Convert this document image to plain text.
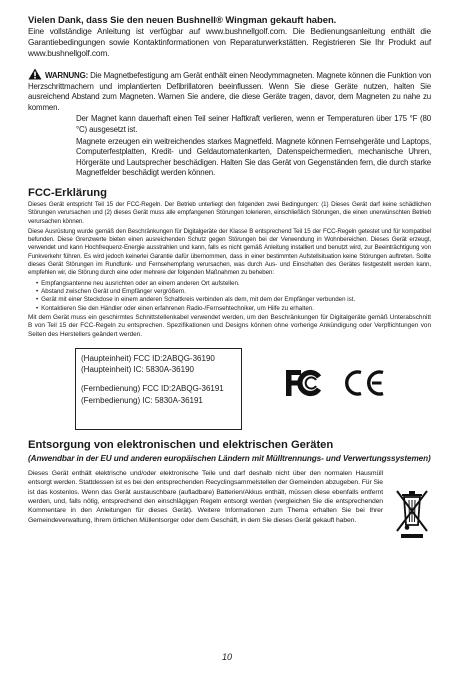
Vielen Dank, dass Sie den neuen Bushnell® Wingman gekauft haben.
Eine vollständige Anleitung ist verfügbar auf www.bushnellgolf.com. Die Bedienungsanleitung enthält die Garantiebedingungen sowie Kontaktinformationen von Reparaturwerkstätten. Registrieren Sie Ihr Produkt auf www.bushnellgolf.com.
WARNUNG: Die Magnetbefestigung am Gerät enthält einen Neodymmagneten. Magnete können die Funktion von Herzschrittmachern und implantierten Defibrillatoren beeinflussen. Wenn Sie diese Geräte nutzen, halten Sie ausreichend Abstand zum Magneten. Warnen Sie andere, die diese Geräte tragen, davor, dem Magneten zu nahe zu kommen.

Der Magnet kann dauerhaft einen Teil seiner Haftkraft verlieren, wenn er Temperaturen über 175 °F (80 °C) ausgesetzt ist.

Magnete erzeugen ein weitreichendes starkes Magnetfeld. Magnete können Fernsehgeräte und Laptops, Computerfestplatten, Kredit- und Geldautomatenkarten, Datenspeichermedien, mechanische Uhren, Hörgeräte und Lautsprecher beschädigen. Halten Sie das Gerät von Gegenständen fern, die durch starke Magnetfelder beschädigt werden können.

FCC-Erklärung

Dieses Gerät entspricht Teil 15 der FCC-Regeln. Der Betrieb unterliegt den folgenden zwei Bedingungen: (1) Dieses Gerät darf keine schädlichen Störungen verursachen und (2) dieses Gerät muss alle empfangenen Störungen tolerieren, einschließlich Störungen, die einen unerwünschten Betrieb verursachen können.

Diese Ausrüstung wurde gemäß den Beschränkungen für Digitalgeräte der Klasse B entsprechend Teil 15 der FCC-Regeln getestet und für kompatibel befunden. Diese Grenzwerte bieten einen ausreichenden Schutz gegen Störungen bei der Verwendung in Wohnbereichen. Dieses Gerät erzeugt, verwendet und kann Hochfrequenz-Energie ausstrahlen und kann, falls es nicht gemäß Anleitung installiert und benutzt wird, zur Beeinträchtigung von Funkverkehr führen. Es wird jedoch keinerlei Garantie dafür übernommen, dass in einer bestimmten Aufstellsituation keine Störungen auftreten. Sollte dieses Gerät Störungen im Rundfunk- und Fernsehempfang verursachen, was durch Aus- und Einschalten des Gerätes festgestellt werden kann, empfehlen wir, die Störung durch eine oder mehrere der folgenden Maßnahmen zu beheben:

• Empfangsantenne neu ausrichten oder an einem anderen Ort aufstellen.
• Abstand zwischen Gerät und Empfänger vergrößern.
• Gerät mit einer Steckdose in einem anderen Schaltkreis verbinden als dem, mit dem der Empfänger verbunden ist.
• Kontaktieren Sie den Händler oder einen erfahrenen Radio-/Fernsehtechniker, um Hilfe zu erhalten.
Mit dem Gerät muss ein geschirmtes Schnittstellenkabel verwendet werden, um den Beschränkungen für Digitalgeräte gemäß Unterabschnitt B von Teil 15 der FCC-Regeln zu entsprechen. Spezifikationen und Designs können ohne vorherige Ankündigung oder Verpflichtungen von Seiten des Herstellers geändert werden.
(Haupteinheit) FCC ID:2ABQG-36190
(Haupteinheit) IC: 5830A-36190
(Fernbedienung) FCC ID:2ABQG-36191
(Fernbedienung) IC: 5830A-36191
Entsorgung von elektronischen und elektrischen Geräten
(Anwendbar in der EU und anderen europäischen Ländern mit Mülltrennungs- und Verwertungssystemen)
Dieses Gerät enthält elektrische und/oder elektronische Teile und darf deshalb nicht über den normalen Hausmüll entsorgt werden. Stattdessen ist es bei den entsprechenden Recyclingsammelstellen der Gemeinden abzugeben. Für Sie ist das kostenlos. Wenn das Gerät austauschbare (aufladbare) Batterien/Akkus enthält, müssen diese ebenfalls entfernt werden, und, falls nötig, entsprechend den einschlägigen Regeln entsorgt werden (vergleichen Sie die entsprechenden Kommentare in den Anleitungen für dieses Gerät). Weitere Informationen zum Thema erhalten Sie bei Ihrer Gemeindeverwaltung, Ihrem örtlichen Müllentsorger oder dem Geschäft, in dem Sie dieses Gerät gekauft haben.
10
